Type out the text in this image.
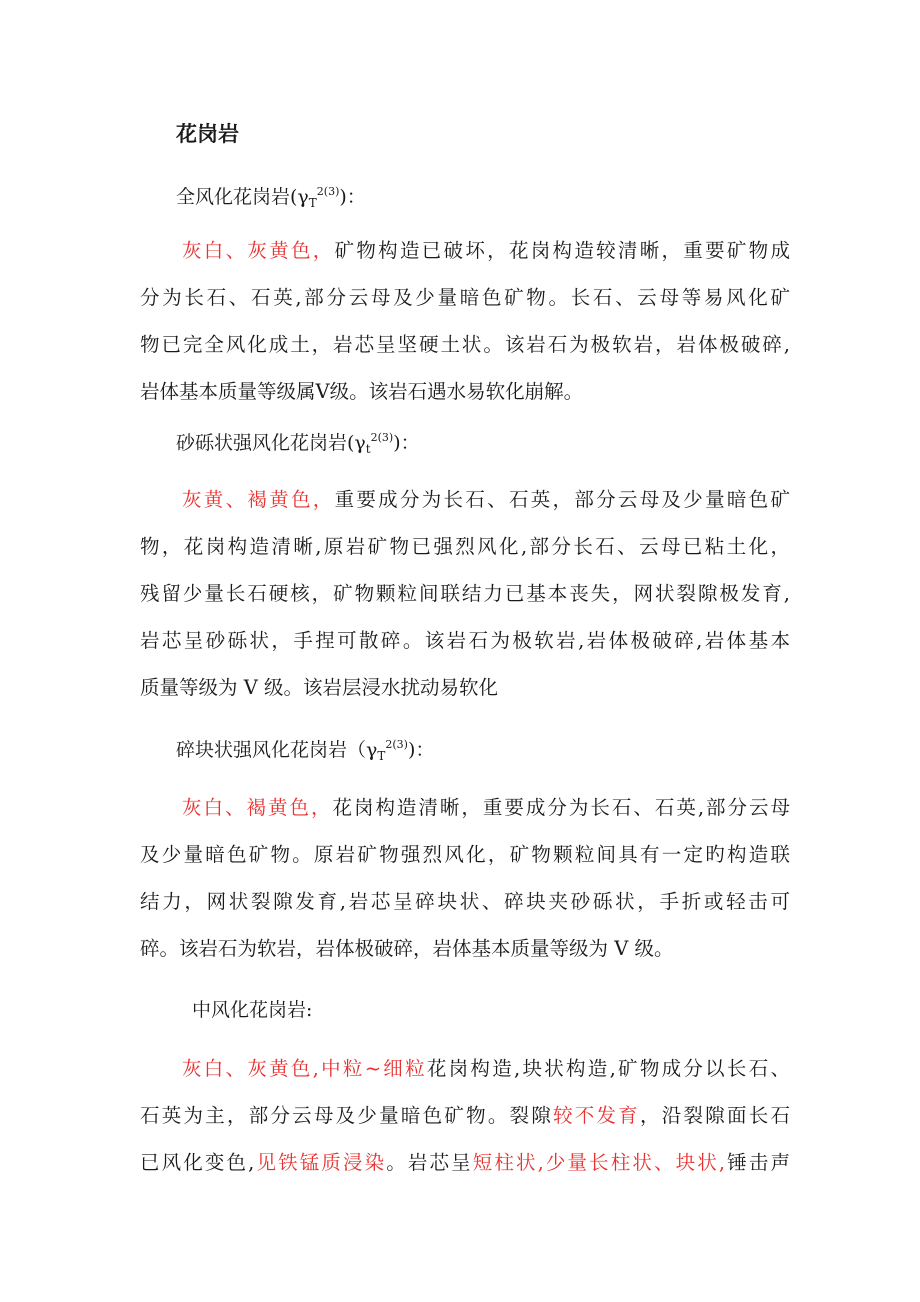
花岗岩
全风化花岗岩$(\gamma_T^{2(3)})$：
灰白、灰黄色，矿物构造已破坏，花岗构造较清晰，重要矿物成
分为长石、石英,部分云母及少量暗色矿物。长石、云母等易风化矿
物已完全风化成土，岩芯呈坚硬土状。该岩石为极软岩，岩体极破碎,
岩体基本质量等级属V级。该岩石遇水易软化崩解。
砂砾状强风化花岗岩$(\gamma_t^{2(3)})$：
灰黄、褐黄色，重要成分为长石、石英，部分云母及少量暗色矿
物，花岗构造清晰,原岩矿物已强烈风化,部分长石、云母已粘土化，
残留少量长石硬核，矿物颗粒间联结力已基本丧失，网状裂隙极发育,
岩芯呈砂砾状，手捏可散碎。该岩石为极软岩,岩体极破碎,岩体基本
质量等级为 V 级。该岩层浸水扰动易软化
碎块状强风化花岗岩$(\gamma_T^{2(3)})$：
灰白、褐黄色，花岗构造清晰，重要成分为长石、石英,部分云母
及少量暗色矿物。原岩矿物强烈风化，矿物颗粒间具有一定旳构造联
结力，网状裂隙发育,岩芯呈碎块状、碎块夹砂砾状，手折或轻击可
碎。该岩石为软岩，岩体极破碎，岩体基本质量等级为 V 级。
中风化花岗岩:
灰白、灰黄色,中粒~细粒花岗构造,块状构造,矿物成分以长石、
石英为主，部分云母及少量暗色矿物。裂隙较不发育，沿裂隙面长石
已风化变色,见铁锰质浸染。岩芯呈短柱状,少量长柱状、块状,锤击声
